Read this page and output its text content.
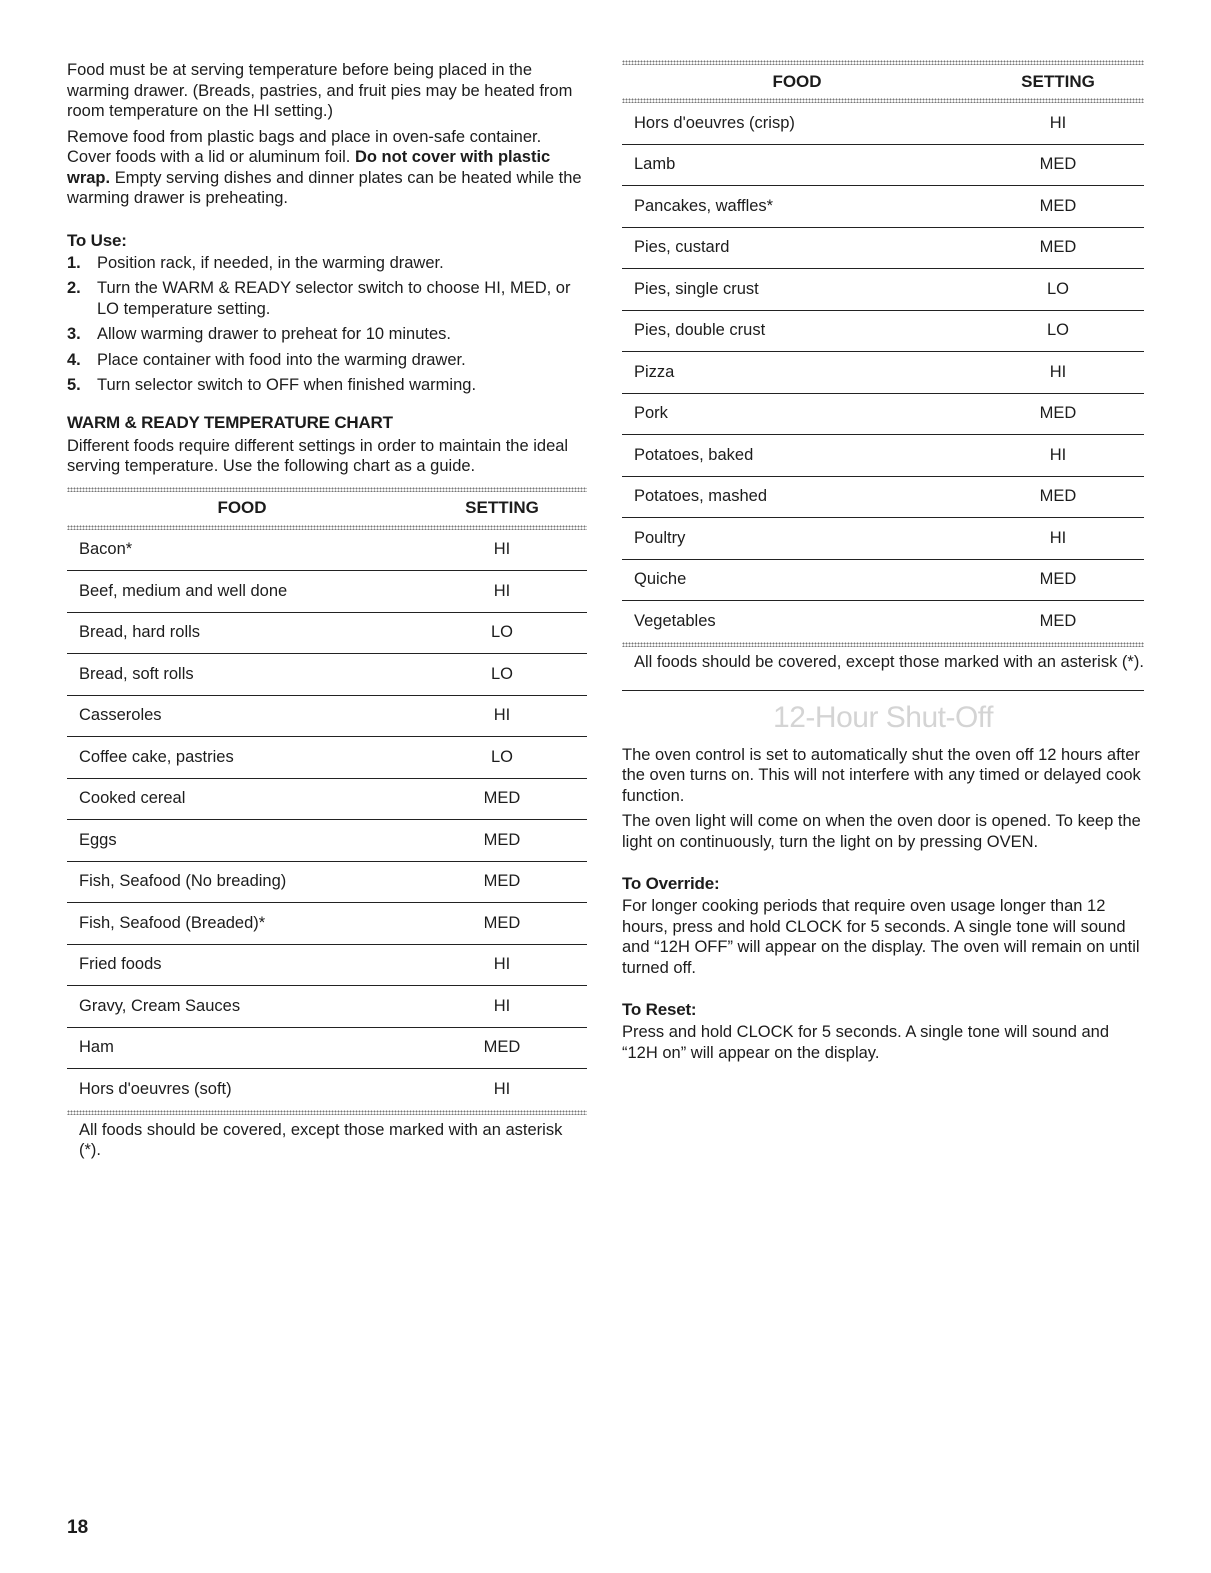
Food must be at serving temperature before being placed in the warming drawer. (Breads, pastries, and fruit pies may be heated from room temperature on the HI setting.)

Remove food from plastic bags and place in oven-safe container. Cover foods with a lid or aluminum foil. Do not cover with plastic wrap. Empty serving dishes and dinner plates can be heated while the warming drawer is preheating.

To Use:
1. Position rack, if needed, in the warming drawer.
2. Turn the WARM & READY selector switch to choose HI, MED, or LO temperature setting.
3. Allow warming drawer to preheat for 10 minutes.
4. Place container with food into the warming drawer.
5. Turn selector switch to OFF when finished warming.
WARM & READY TEMPERATURE CHART

Different foods require different settings in order to maintain the ideal serving temperature. Use the following chart as a guide.

FOOD	SETTING
Bacon*	HI
Beef, medium and well done	HI
Bread, hard rolls	LO
Bread, soft rolls	LO
Casseroles	HI
Coffee cake, pastries	LO
Cooked cereal	MED
Eggs	MED
Fish, Seafood (No breading)	MED
Fish, Seafood (Breaded)*	MED
Fried foods	HI
Gravy, Cream Sauces	HI
Ham	MED
Hors d'oeuvres (soft)	HI
All foods should be covered, except those marked with an asterisk (*).
FOOD	SETTING
Hors d'oeuvres (crisp)	HI
Lamb	MED
Pancakes, waffles*	MED
Pies, custard	MED
Pies, single crust	LO
Pies, double crust	LO
Pizza	HI
Pork	MED
Potatoes, baked	HI
Potatoes, mashed	MED
Poultry	HI
Quiche	MED
Vegetables	MED
All foods should be covered, except those marked with an asterisk (*).
12-Hour Shut-Off

The oven control is set to automatically shut the oven off 12 hours after the oven turns on. This will not interfere with any timed or delayed cook function.

The oven light will come on when the oven door is opened. To keep the light on continuously, turn the light on by pressing OVEN.

To Override:

For longer cooking periods that require oven usage longer than 12 hours, press and hold CLOCK for 5 seconds. A single tone will sound and “12H OFF” will appear on the display. The oven will remain on until turned off.

To Reset:

Press and hold CLOCK for 5 seconds. A single tone will sound and “12H on” will appear on the display.

18
